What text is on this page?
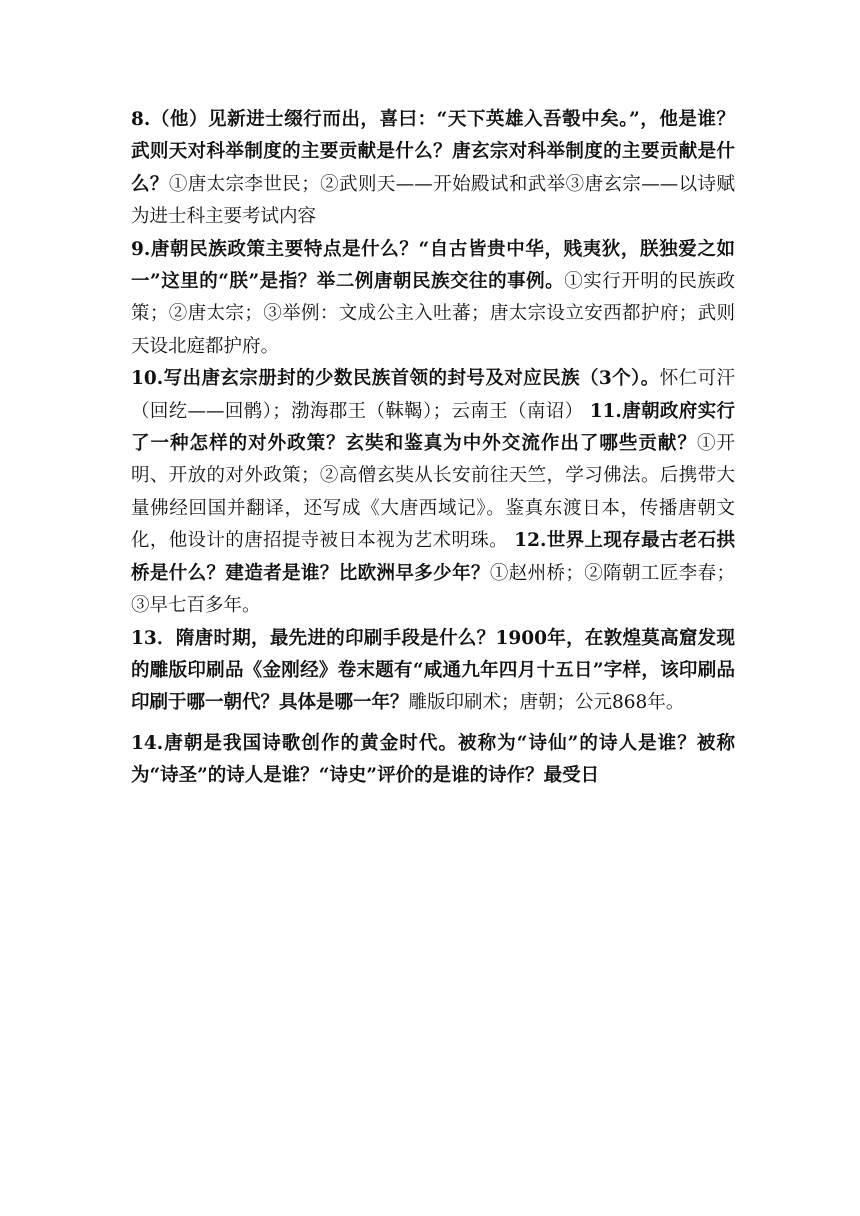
8.（他）见新进士缀行而出，喜曰：“天下英雄入吾彀中矣。”，他是谁？武则天对科举制度的主要贡献是什么？唐玄宗对科举制度的主要贡献是什么？①唐太宗李世民；②武则天——开始殿试和武举③唐玄宗——以诗赋为进士科主要考试内容

9.唐朝民族政策主要特点是什么？“自古皆贵中华，贱夷狄，朕独爱之如一”这里的“朕”是指？举二例唐朝民族交往的事例。①实行开明的民族政策；②唐太宗；③举例：文成公主入吐蕃；唐太宗设立安西都护府；武则天设北庭都护府。

10.写出唐玄宗册封的少数民族首领的封号及对应民族（3个）。怀仁可汗（回纥——回鹘）；渤海郡王（靺鞨）；云南王（南诏） 11.唐朝政府实行了一种怎样的对外政策？玄奘和鉴真为中外交流作出了哪些贡献？①开明、开放的对外政策；②高僧玄奘从长安前往天竺，学习佛法。后携带大量佛经回国并翻译，还写成《大唐西域记》。鉴真东渡日本，传播唐朝文化，他设计的唐招提寺被日本视为艺术明珠。 12.世界上现存最古老石拱桥是什么？建造者是谁？比欧洲早多少年？①赵州桥；②隋朝工匠李春；③早七百多年。

13．隋唐时期，最先进的印刷手段是什么？1900年，在敦煌莫高窟发现的雕版印刷品《金刚经》卷末题有“咸通九年四月十五日”字样，该印刷品印刷于哪一朝代？具体是哪一年？雕版印刷术；唐朝；公元868年。

14.唐朝是我国诗歌创作的黄金时代。被称为“诗仙”的诗人是谁？被称为“诗圣”的诗人是谁？“诗史”评价的是谁的诗作？最受日
